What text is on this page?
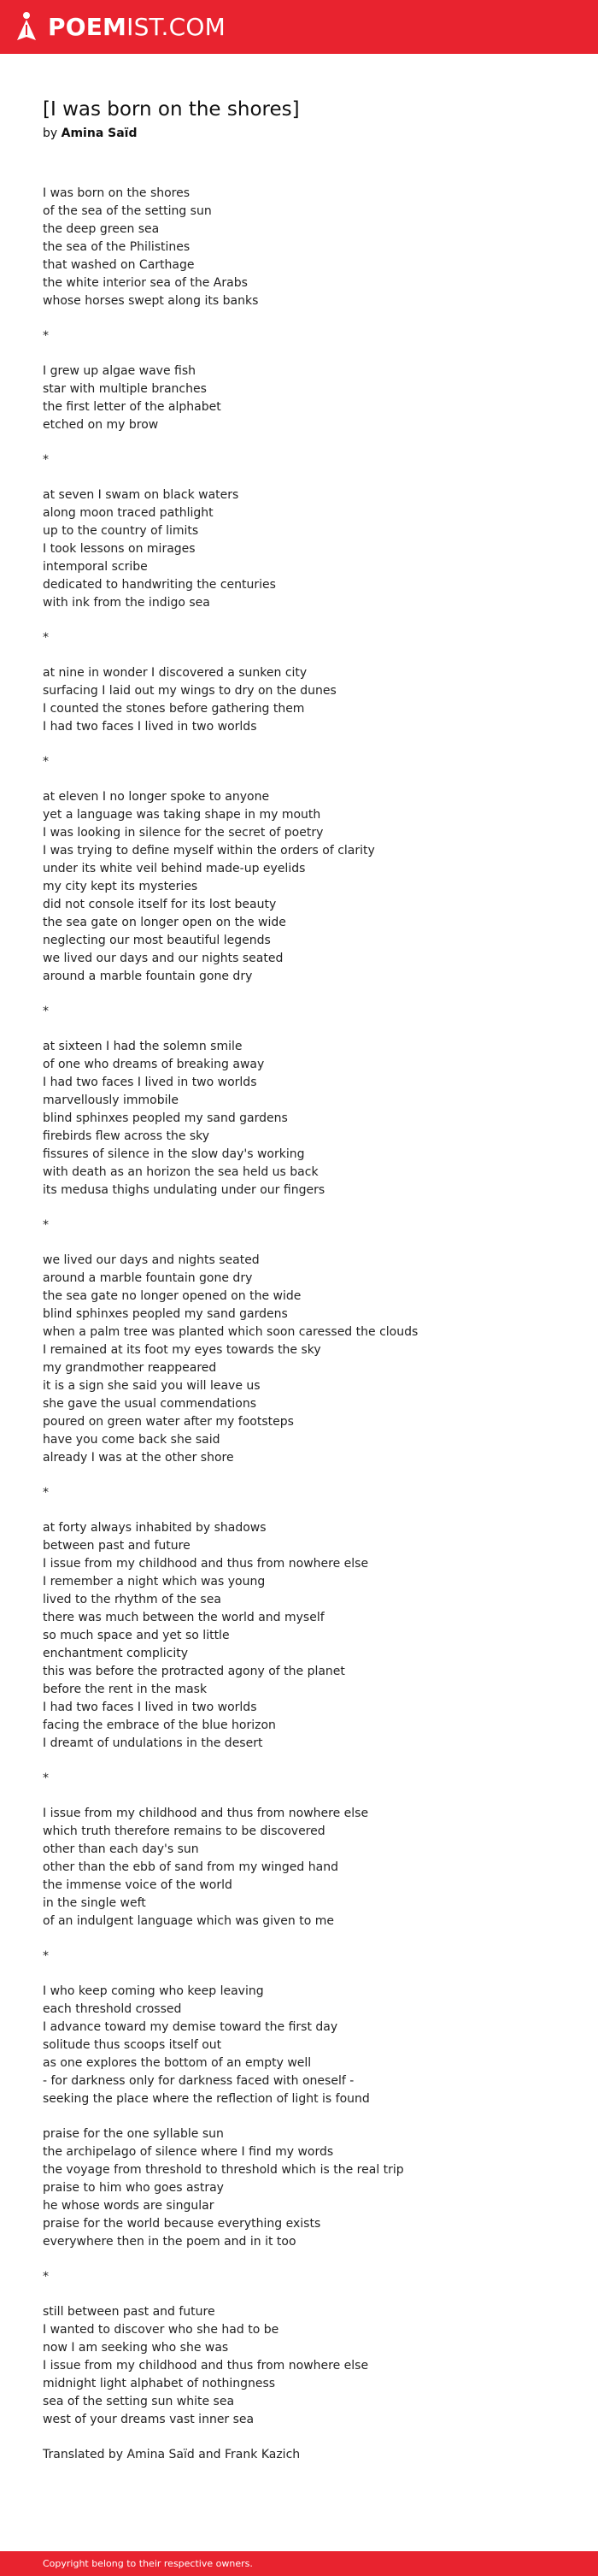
POEMIST.COM
[I was born on the shores]
by Amina Saïd
I was born on the shores
of the sea of the setting sun
the deep green sea
the sea of the Philistines
that washed on Carthage
the white interior sea of the Arabs
whose horses swept along its banks
*
I grew up algae wave fish
star with multiple branches
the first letter of the alphabet
etched on my brow
*
at seven I swam on black waters
along moon traced pathlight
up to the country of limits
I took lessons on mirages
intemporal scribe
dedicated to handwriting the centuries
with ink from the indigo sea
*
at nine in wonder I discovered a sunken city
surfacing I laid out my wings to dry on the dunes
I counted the stones before gathering them
I had two faces I lived in two worlds
*
at eleven I no longer spoke to anyone
yet a language was taking shape in my mouth
I was looking in silence for the secret of poetry
I was trying to define myself within the orders of clarity
under its white veil behind made-up eyelids
my city kept its mysteries
did not console itself for its lost beauty
the sea gate on longer open on the wide
neglecting our most beautiful legends
we lived our days and our nights seated
around a marble fountain gone dry
*
at sixteen I had the solemn smile
of one who dreams of breaking away
I had two faces I lived in two worlds
marvellously immobile
blind sphinxes peopled my sand gardens
firebirds flew across the sky
fissures of silence in the slow day's working
with death as an horizon the sea held us back
its medusa thighs undulating under our fingers
*
we lived our days and nights seated
around a marble fountain gone dry
the sea gate no longer opened on the wide
blind sphinxes peopled my sand gardens
when a palm tree was planted which soon caressed the clouds
I remained at its foot my eyes towards the sky
my grandmother reappeared
it is a sign she said you will leave us
she gave the usual commendations
poured on green water after my footsteps
have you come back she said
already I was at the other shore
*
at forty always inhabited by shadows
between past and future
I issue from my childhood and thus from nowhere else
I remember a night which was young
lived to the rhythm of the sea
there was much between the world and myself
so much space and yet so little
enchantment complicity
this was before the protracted agony of the planet
before the rent in the mask
I had two faces I lived in two worlds
facing the embrace of the blue horizon
I dreamt of undulations in the desert
*
I issue from my childhood and thus from nowhere else
which truth therefore remains to be discovered
other than each day's sun
other than the ebb of sand from my winged hand
the immense voice of the world
in the single weft
of an indulgent language which was given to me
*
I who keep coming who keep leaving
each threshold crossed
I advance toward my demise toward the first day
solitude thus scoops itself out
as one explores the bottom of an empty well
- for darkness only for darkness faced with oneself -
seeking the place where the reflection of light is found
praise for the one syllable sun
the archipelago of silence where I find my words
the voyage from threshold to threshold which is the real trip
praise to him who goes astray
he whose words are singular
praise for the world because everything exists
everywhere then in the poem and in it too
*
still between past and future
I wanted to discover who she had to be
now I am seeking who she was
I issue from my childhood and thus from nowhere else
midnight light alphabet of nothingness
sea of the setting sun white sea
west of your dreams vast inner sea
Translated by Amina Saïd and Frank Kazich
Copyright belong to their respective owners.
